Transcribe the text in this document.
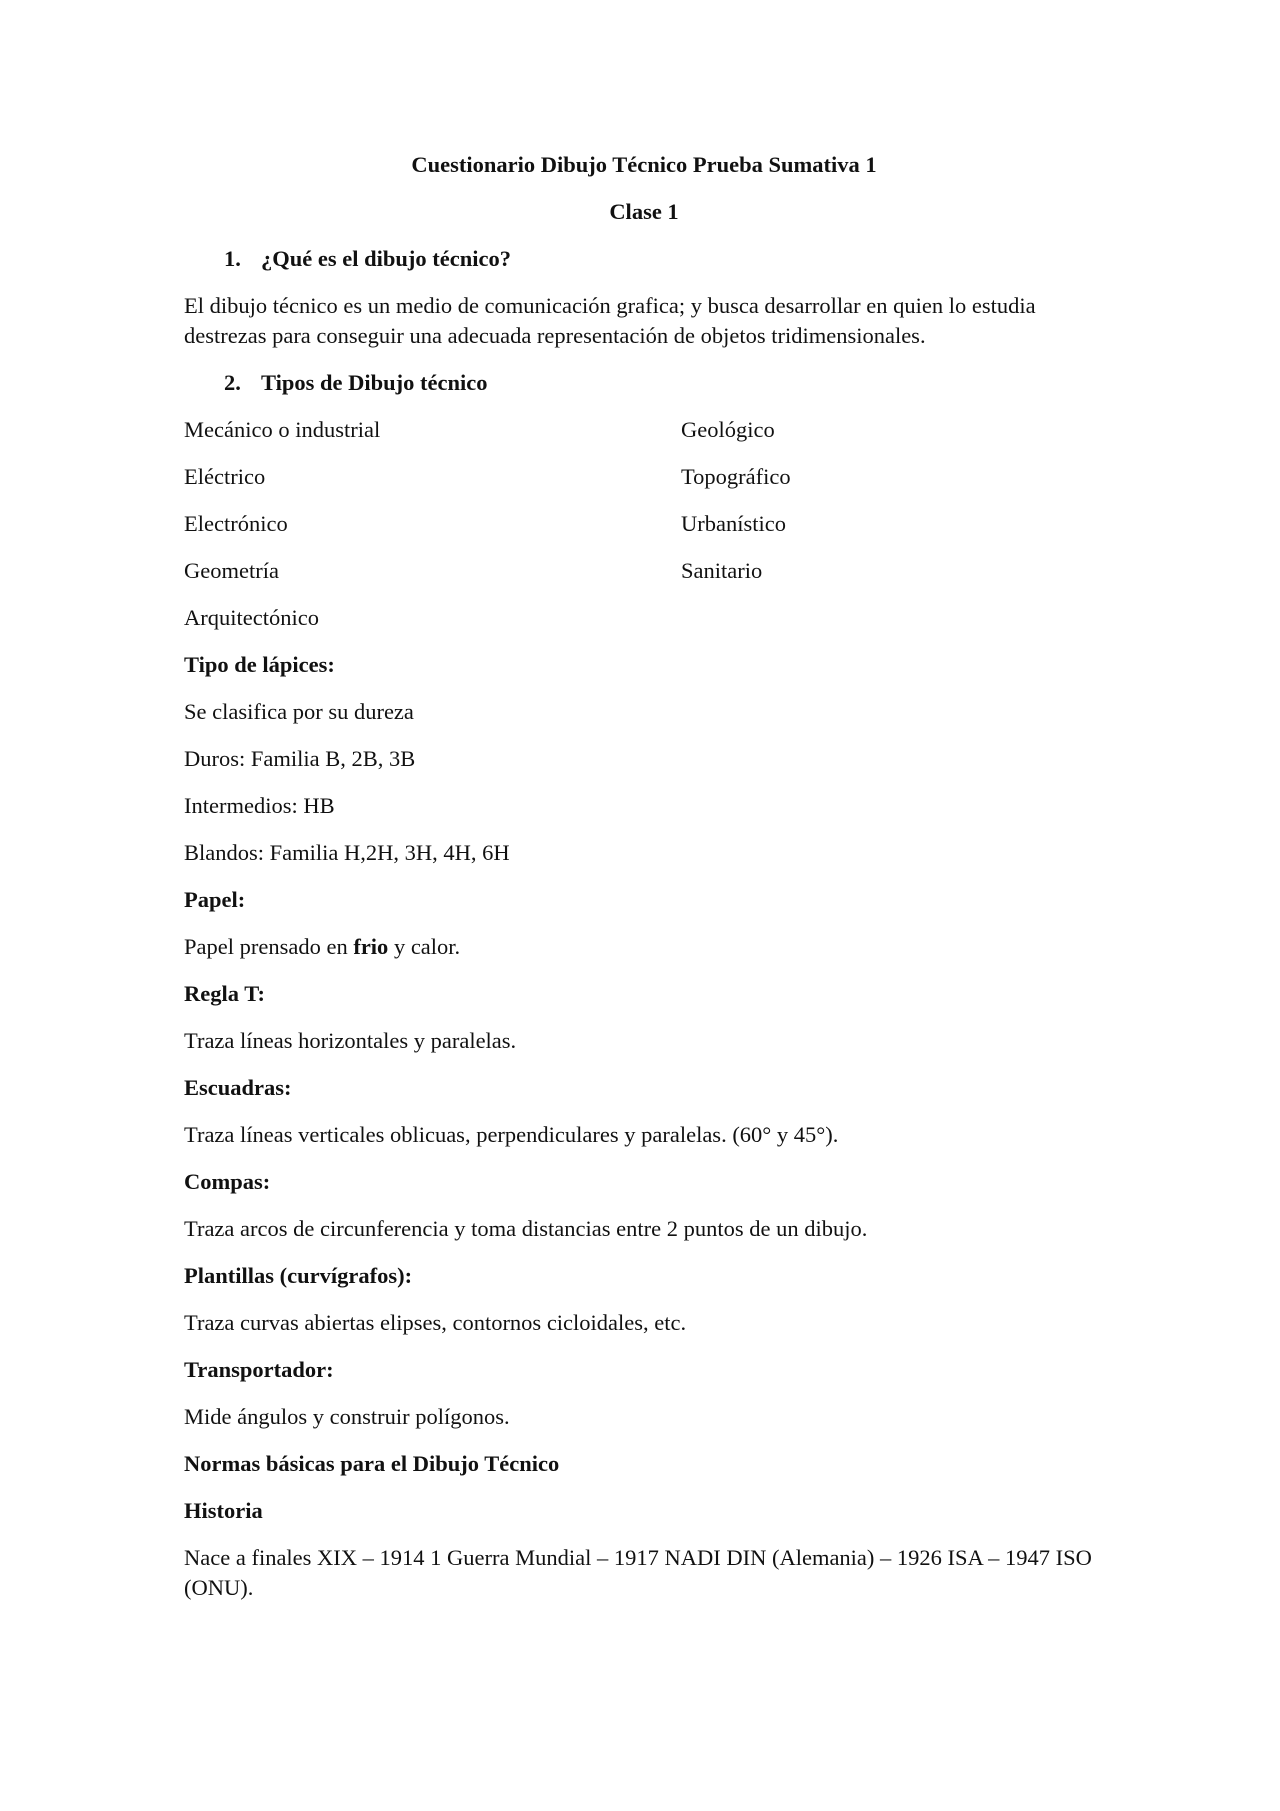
Cuestionario Dibujo Técnico Prueba Sumativa 1
Clase 1
1. ¿Qué es el dibujo técnico?

El dibujo técnico es un medio de comunicación grafica; y busca desarrollar en quien lo estudia destrezas para conseguir una adecuada representación de objetos tridimensionales.

2. Tipos de Dibujo técnico
Mecánico o industrial	Geológico
Eléctrico	Topográfico
Electrónico	Urbanístico
Geometría	Sanitario
Arquitectónico

Tipo de lápices:

Se clasifica por su dureza

Duros: Familia B, 2B, 3B

Intermedios: HB

Blandos: Familia H,2H, 3H, 4H, 6H

Papel:

Papel prensado en frio y calor.

Regla T:

Traza líneas horizontales y paralelas.

Escuadras:

Traza líneas verticales oblicuas, perpendiculares y paralelas. (60° y 45°).

Compas:

Traza arcos de circunferencia y toma distancias entre 2 puntos de un dibujo.

Plantillas (curvígrafos):

Traza curvas abiertas elipses, contornos cicloidales, etc.

Transportador:

Mide ángulos y construir polígonos.

Normas básicas para el Dibujo Técnico

Historia

Nace a finales XIX – 1914 1 Guerra Mundial – 1917 NADI DIN (Alemania) – 1926 ISA – 1947 ISO (ONU).
